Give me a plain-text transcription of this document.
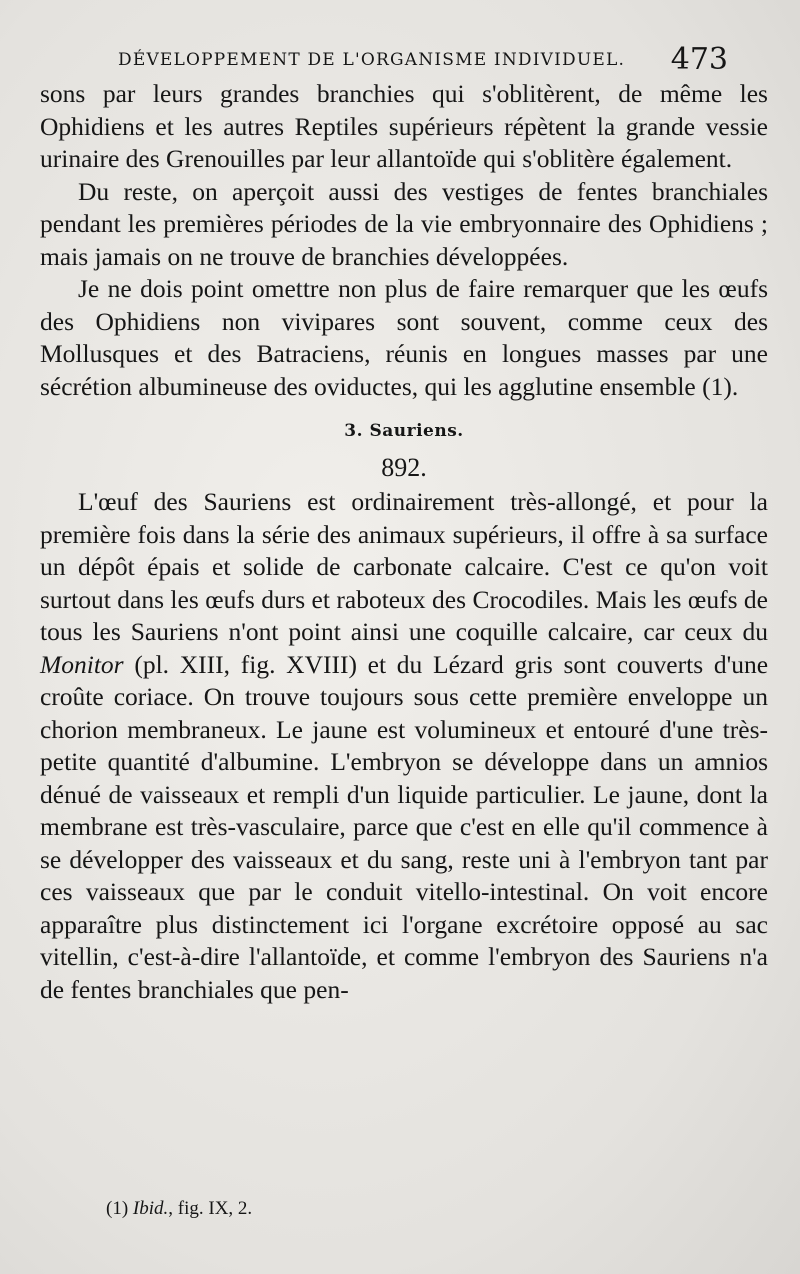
DÉVELOPPEMENT DE L'ORGANISME INDIVIDUEL. 473

sons par leurs grandes branchies qui s'oblitèrent, de même les Ophidiens et les autres Reptiles supérieurs répètent la grande vessie urinaire des Grenouilles par leur allantoïde qui s'oblitère également.

Du reste, on aperçoit aussi des vestiges de fentes branchiales pendant les premières périodes de la vie embryonnaire des Ophidiens ; mais jamais on ne trouve de branchies développées.

Je ne dois point omettre non plus de faire remarquer que les œufs des Ophidiens non vivipares sont souvent, comme ceux des Mollusques et des Batraciens, réunis en longues masses par une sécrétion albumineuse des oviductes, qui les agglutine ensemble (1).

3. Sauriens.
892.

L'œuf des Sauriens est ordinairement très-allongé, et pour la première fois dans la série des animaux supérieurs, il offre à sa surface un dépôt épais et solide de carbonate calcaire. C'est ce qu'on voit surtout dans les œufs durs et raboteux des Crocodiles. Mais les œufs de tous les Sauriens n'ont point ainsi une coquille calcaire, car ceux du Monitor (pl. XIII, fig. XVIII) et du Lézard gris sont couverts d'une croûte coriace. On trouve toujours sous cette première enveloppe un chorion membraneux. Le jaune est volumineux et entouré d'une très-petite quantité d'albumine. L'embryon se développe dans un amnios dénué de vaisseaux et rempli d'un liquide particulier. Le jaune, dont la membrane est très-vasculaire, parce que c'est en elle qu'il commence à se développer des vaisseaux et du sang, reste uni à l'embryon tant par ces vaisseaux que par le conduit vitello-intestinal. On voit encore apparaître plus distinctement ici l'organe excrétoire opposé au sac vitellin, c'est-à-dire l'allantoïde, et comme l'embryon des Sauriens n'a de fentes branchiales que pen-

(1) Ibid., fig. IX, 2.
